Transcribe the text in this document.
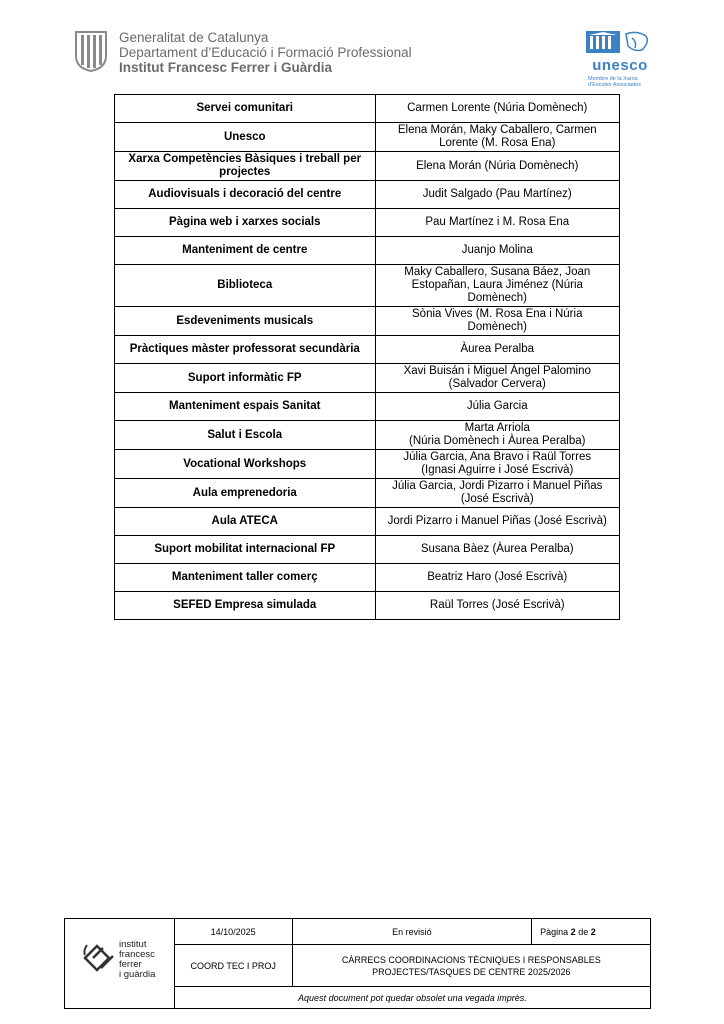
Generalitat de Catalunya
Departament d’Educació i Formació Professional
Institut Francesc Ferrer i Guàrdia	unesco
Membre de la Xarxa d’Escoles Associades
Servei comunitari	Carmen Lorente (Núria Domènech)

Unesco	Elena Morán, Maky Caballero, Carmen
Lorente (M. Rosa Ena)

Xarxa Competències Bàsiques i treball per
projectes	Elena Morán (Núria Domènech)

Audiovisuals i decoració del centre	Judit Salgado (Pau Martínez)

Pàgina web i xarxes socials	Pau Martínez i M. Rosa Ena

Manteniment de centre	Juanjo Molina

Biblioteca	Maky Caballero, Susana Báez, Joan
Estopañan, Laura Jiménez (Núria
Domènech)

Esdeveniments musicals	Sònia Vives (M. Rosa Ena i Núria
Domènech)

Pràctiques màster professorat secundària	Àurea Peralba

Suport informàtic FP	Xavi Buisán i Miguel Àngel Palomino
(Salvador Cervera)

Manteniment espais Sanitat	Júlia Garcia

Salut i Escola	Marta Arriola
(Núria Domènech i Àurea Peralba)

Vocational Workshops	Júlia Garcia, Ana Bravo i Raül Torres
(Ignasi Aguirre i José Escrivà)

Aula emprenedoria	Júlia Garcia, Jordi Pizarro i Manuel Piñas
(José Escrivà)

Aula ATECA	Jordi Pizarro i Manuel Piñas (José Escrivà)

Suport mobilitat internacional FP	Susana Bàez (Àurea Peralba)

Manteniment taller comerç	Beatriz Haro (José Escrivà)

SEFED Empresa simulada	Raül Torres (José Escrivà)
institut
francesc
ferrer
i guàrdia	14/10/2025	En revisió	Pàgina 2 de 2
	COORD TEC I PROJ	CÀRRECS COORDINACIONS TÈCNIQUES I RESPONSABLES
PROJECTES/TASQUES DE CENTRE 2025/2026	

	Aquest document pot quedar obsolet una vegada imprès.		
